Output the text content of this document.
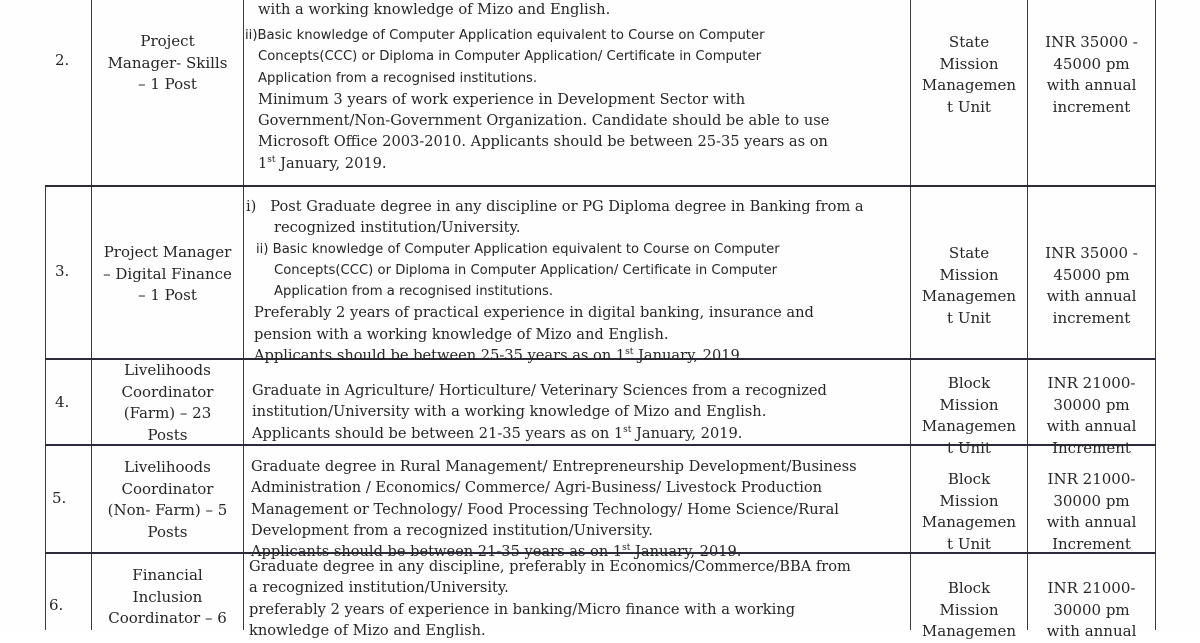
with a working knowledge of Mizo and English.
2.
Project
Manager- Skills
– 1 Post
ii)Basic knowledge of Computer Application equivalent to Course on Computer
Concepts(CCC) or Diploma in Computer Application/ Certificate in Computer
Application from a recognised institutions.
Minimum 3 years of work experience in Development Sector with
Government/Non-Government Organization. Candidate should be able to use
Microsoft Office 2003-2010. Applicants should be between 25-35 years as on
1st January, 2019.
State
Mission
Managemen
t Unit
INR 35000 -
45000 pm
with annual
increment
3.
Project Manager
– Digital Finance
– 1 Post
i)   Post Graduate degree in any discipline or PG Diploma degree in Banking from a
recognized institution/University.
ii) Basic knowledge of Computer Application equivalent to Course on Computer
Concepts(CCC) or Diploma in Computer Application/ Certificate in Computer
Application from a recognised institutions.
Preferably 2 years of practical experience in digital banking, insurance and
pension with a working knowledge of Mizo and English.
Applicants should be between 25-35 years as on 1st January, 2019.
State
Mission
Managemen
t Unit
INR 35000 -
45000 pm
with annual
increment
4.
Livelihoods
Coordinator
(Farm) – 23
Posts
Graduate in Agriculture/ Horticulture/ Veterinary Sciences from a recognized
institution/University with a working knowledge of Mizo and English.
Applicants should be between 21-35 years as on 1st January, 2019.
Block
Mission
Managemen
t Unit
INR 21000-
30000 pm
with annual
Increment
5.
Livelihoods
Coordinator
(Non- Farm) – 5
Posts
Graduate degree in Rural Management/ Entrepreneurship Development/Business
Administration / Economics/ Commerce/ Agri-Business/ Livestock Production
Management or Technology/ Food Processing Technology/ Home Science/Rural
Development from a recognized institution/University.
Applicants should be between 21-35 years as on 1st January, 2019.
Block
Mission
Managemen
t Unit
INR 21000-
30000 pm
with annual
Increment
6.
Financial
Inclusion
Coordinator – 6
Graduate degree in any discipline, preferably in Economics/Commerce/BBA from
a recognized institution/University.
preferably 2 years of experience in banking/Micro finance with a working
knowledge of Mizo and English.
Block
Mission
Managemen
INR 21000-
30000 pm
with annual
